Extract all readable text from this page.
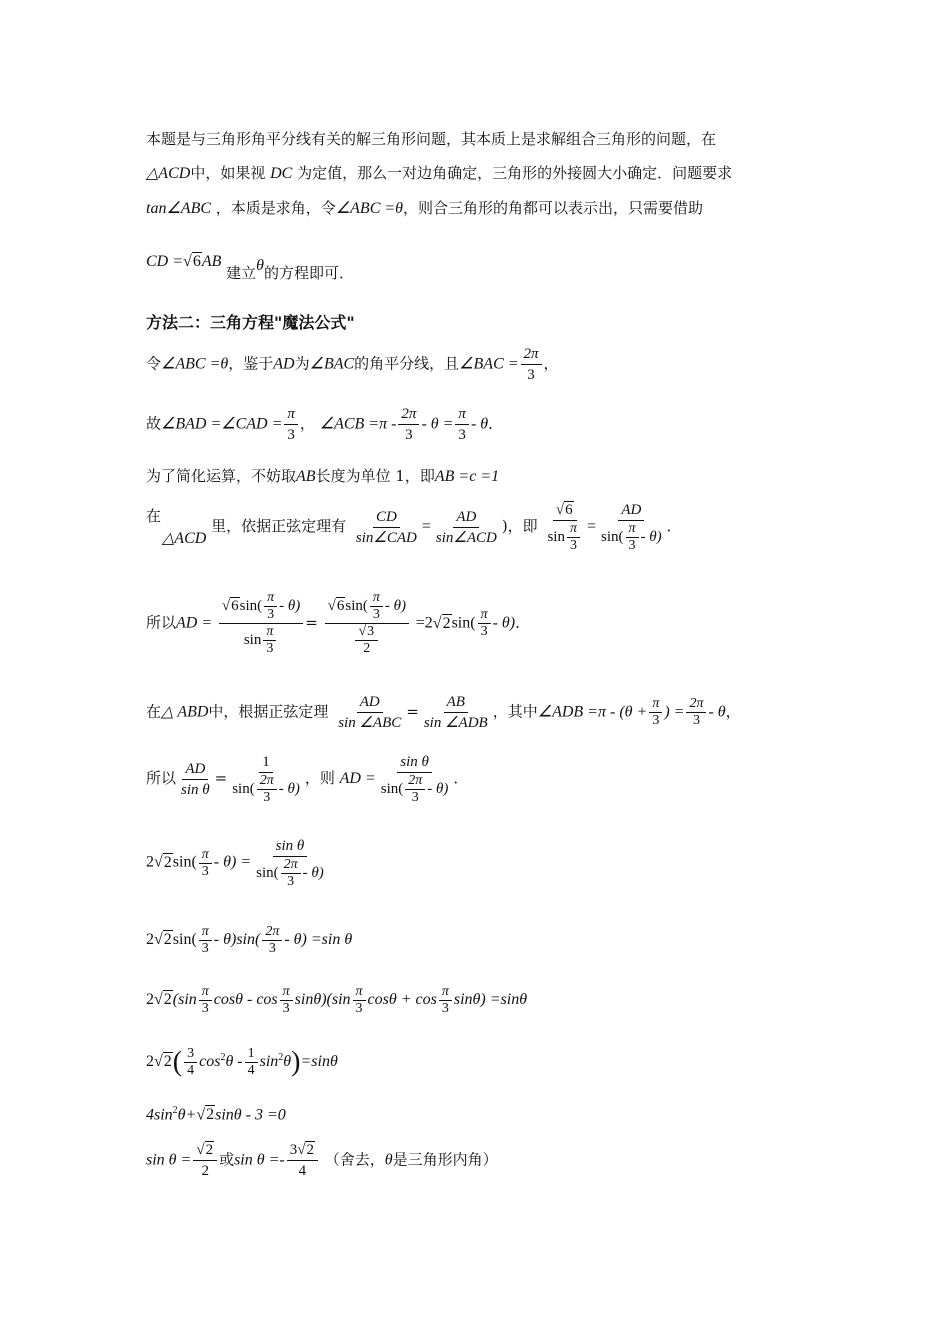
本题是与三角形角平分线有关的解三角形问题，其本质上是求解组合三角形的问题，在
△ACD中，如果视 DC 为定值，那么一对边角确定，三角形的外接圆大小确定．问题要求
tan∠ABC ，本质是求角，令∠ABC =θ，则合三角形的角都可以表示出，只需要借助
CD =√6AB 建立θ的方程即可．
方法二：三角方程"魔法公式"
令∠ABC =θ，鉴于AD为∠BAC的角平分线，且∠BAC = $\frac{2\pi}{3}$ ，
故∠BAD =∠CAD = $\frac{\pi}{3}$ ， ∠ACB $=\pi - \frac{2\pi}{3} - \theta = \frac{\pi}{3} - \theta$．
为了简化运算，不妨取AB长度为单位 1，即AB =c =1
在
△ACD 里，依据正弦定理有 $\frac{CD}{\text{sin∠CAD}} = \frac{AD}{\text{sin∠ACD}}$ )，即 $\frac{√6}{\sin \frac{\pi}{3}} = \frac{AD}{\sin( \frac{\pi}{3} - \theta)}$ ．
所以AD = $\frac{√6\sin( \frac{\pi}{3} - \theta)}{\sin \frac{\pi}{3}} = \frac{√6\sin( \frac{\pi}{3} - \theta)}{\frac{√3}{2}} =2√2\sin( \frac{\pi}{3} - \theta)$．
在△ ABD中，根据正弦定理 $\frac{AD}{\text{sin ∠ABC}} = \frac{AB}{\text{sin ∠ADB}}$ ，其中∠ADB $=\pi - (\theta + \frac{\pi}{3}$ ) = $\frac{2\pi}{3}$ - θ，
所以 $\frac{AD}{\text{sin θ}} = \frac{1}{\sin( \frac{2\pi}{3} - \theta)}$ ，则 AD = $\frac{\text{sin θ}}{\sin( \frac{2\pi}{3} - \theta)}$ ．
$2√2\sin( \frac{\pi}{3} - \theta) = \frac{\text{sin θ}}{\sin( \frac{2\pi}{3} - \theta)}$
$2√2\sin( \frac{\pi}{3} - \theta)\sin( \frac{2\pi}{3} - \theta) =\sin$ θ
$2√2(\sin \frac{\pi}{3}$ cosθ - $\cos \frac{\pi}{3} \sin\theta)(\sin \frac{\pi}{3}$ $\cos\theta + \cos \frac{\pi}{3} \sin\theta) =\sin\theta$
$2√2( \frac{3}{4} \cos^2\theta - \frac{1}{4} \sin^2\theta)=\sin\theta$
$4\sin^2\theta+√2\sin\theta - 3 =0$
$\sin \theta = \frac{√2}{2}$ 或$\sin \theta =- \frac{3√2}{4}$ （舍去，θ是三角形内角）
